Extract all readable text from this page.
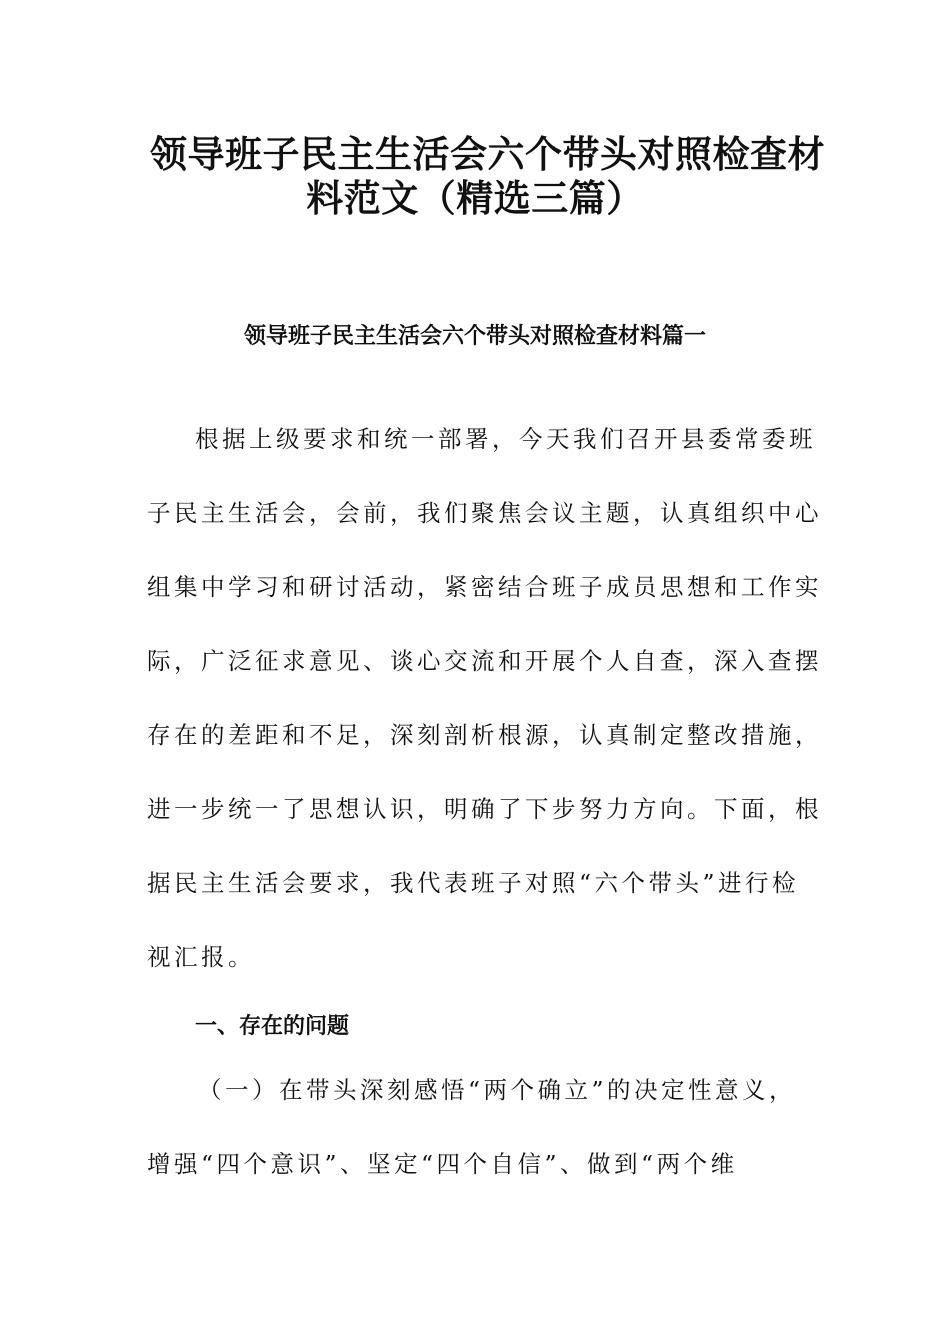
领导班子民主生活会六个带头对照检查材
料范文（精选三篇）
领导班子民主生活会六个带头对照检查材料篇一
根据上级要求和统一部署，今天我们召开县委常委班
子民主生活会，会前，我们聚焦会议主题，认真组织中心
组集中学习和研讨活动，紧密结合班子成员思想和工作实
际，广泛征求意见、谈心交流和开展个人自查，深入查摆
存在的差距和不足，深刻剖析根源，认真制定整改措施，
进一步统一了思想认识，明确了下步努力方向。下面，根
据民主生活会要求，我代表班子对照“六个带头”进行检
视汇报。
一、存在的问题
（一）在带头深刻感悟“两个确立”的决定性意义，
增强“四个意识”、坚定“四个自信”、做到“两个维
